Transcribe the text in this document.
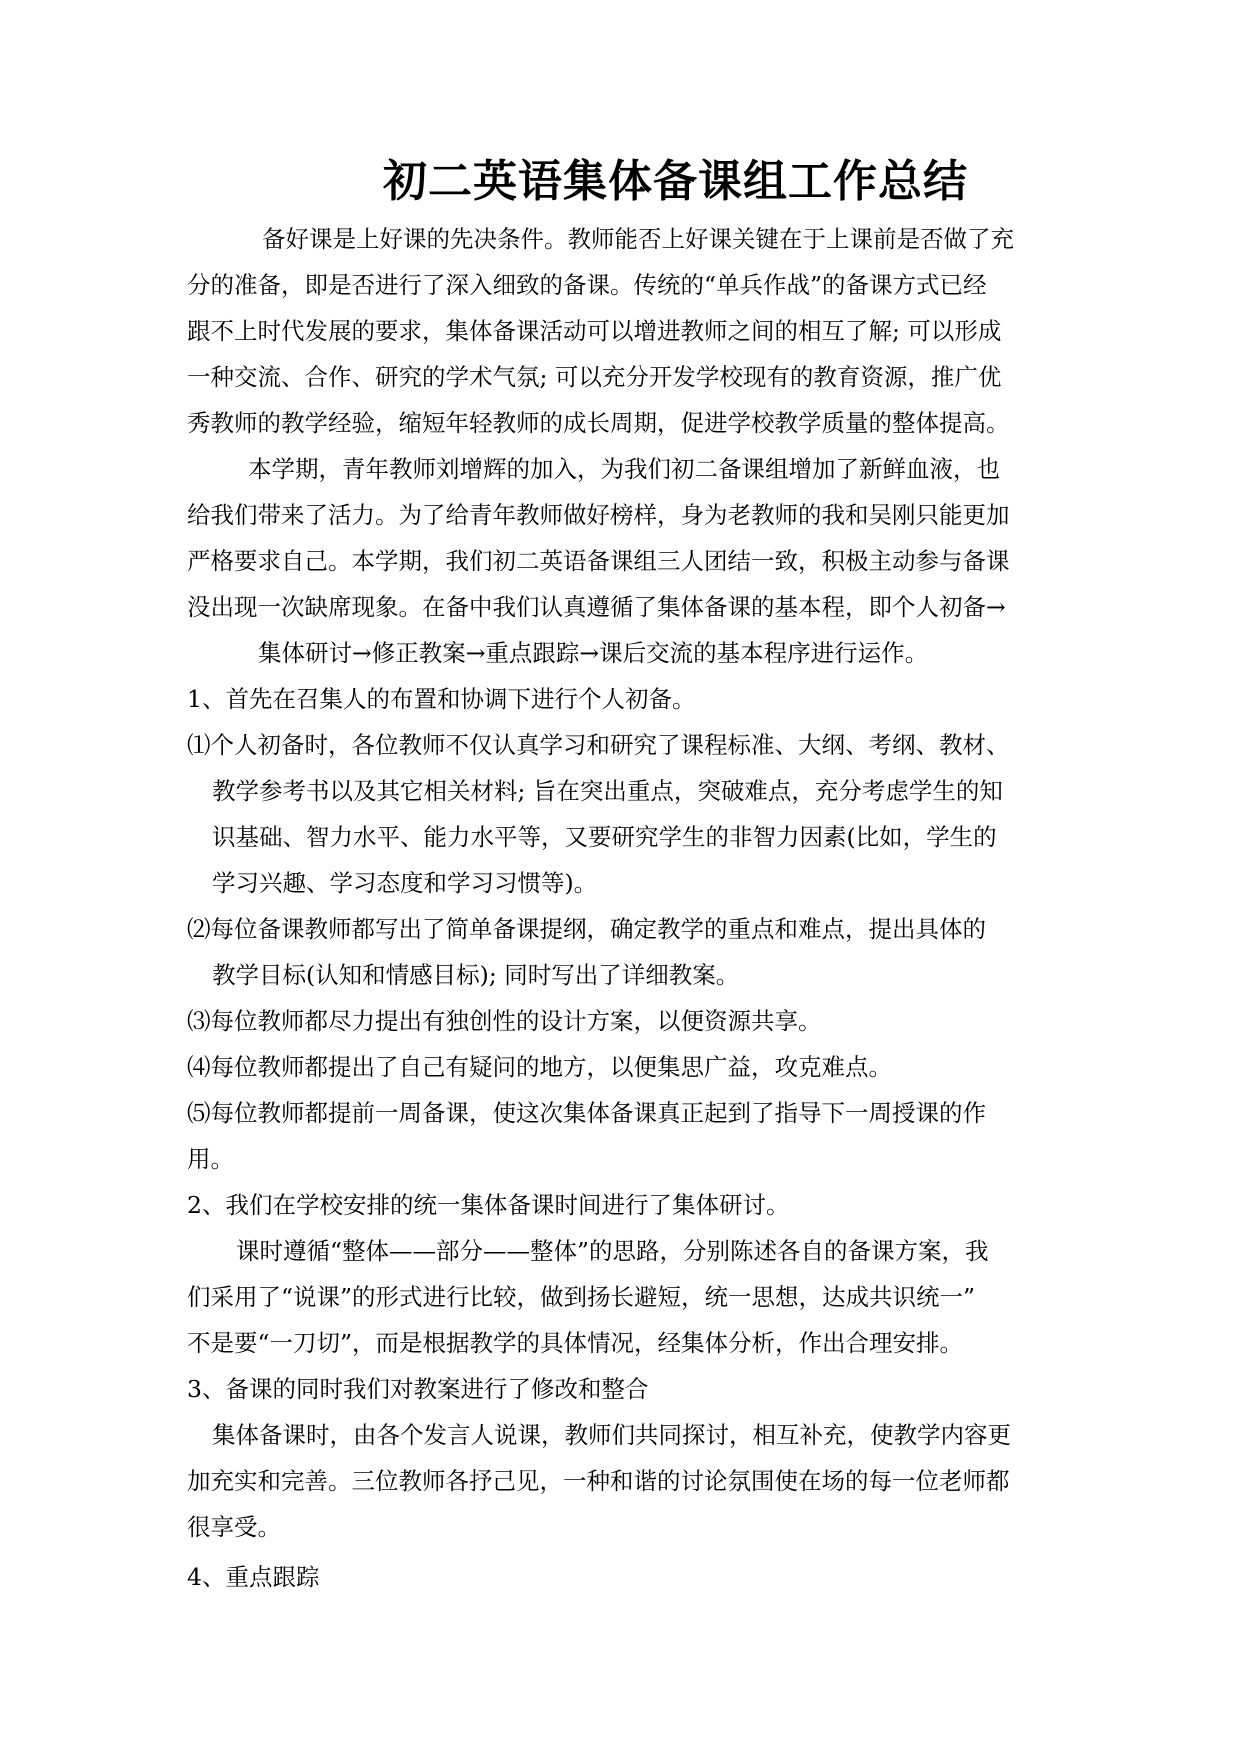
初二英语集体备课组工作总结
备好课是上好课的先决条件。教师能否上好课关键在于上课前是否做了充
分的准备，即是否进行了深入细致的备课。传统的“单兵作战”的备课方式已经
跟不上时代发展的要求，集体备课活动可以增进教师之间的相互了解; 可以形成
一种交流、合作、研究的学术气氛; 可以充分开发学校现有的教育资源，推广优
秀教师的教学经验，缩短年轻教师的成长周期，促进学校教学质量的整体提高。
本学期，青年教师刘增辉的加入，为我们初二备课组增加了新鲜血液，也
给我们带来了活力。为了给青年教师做好榜样，身为老教师的我和吴刚只能更加
严格要求自己。本学期，我们初二英语备课组三人团结一致，积极主动参与备课
没出现一次缺席现象。在备中我们认真遵循了集体备课的基本程，即个人初备→
集体研讨→修正教案→重点跟踪→课后交流的基本程序进行运作。
1、首先在召集人的布置和协调下进行个人初备。
⑴个人初备时，各位教师不仅认真学习和研究了课程标准、大纲、考纲、教材、
教学参考书以及其它相关材料; 旨在突出重点，突破难点，充分考虑学生的知
识基础、智力水平、能力水平等，又要研究学生的非智力因素(比如，学生的
学习兴趣、学习态度和学习习惯等)。
⑵每位备课教师都写出了简单备课提纲，确定教学的重点和难点，提出具体的
教学目标(认知和情感目标); 同时写出了详细教案。
⑶每位教师都尽力提出有独创性的设计方案，以便资源共享。
⑷每位教师都提出了自己有疑问的地方，以便集思广益，攻克难点。
⑸每位教师都提前一周备课，使这次集体备课真正起到了指导下一周授课的作
用。
2、我们在学校安排的统一集体备课时间进行了集体研讨。
课时遵循“整体——部分——整体”的思路，分别陈述各自的备课方案，我
们采用了“说课”的形式进行比较，做到扬长避短，统一思想，达成共识统一”
不是要“一刀切”，而是根据教学的具体情况，经集体分析，作出合理安排。
3、备课的同时我们对教案进行了修改和整合
集体备课时，由各个发言人说课，教师们共同探讨，相互补充，使教学内容更
加充实和完善。三位教师各抒己见，一种和谐的讨论氛围使在场的每一位老师都
很享受。
4、重点跟踪
